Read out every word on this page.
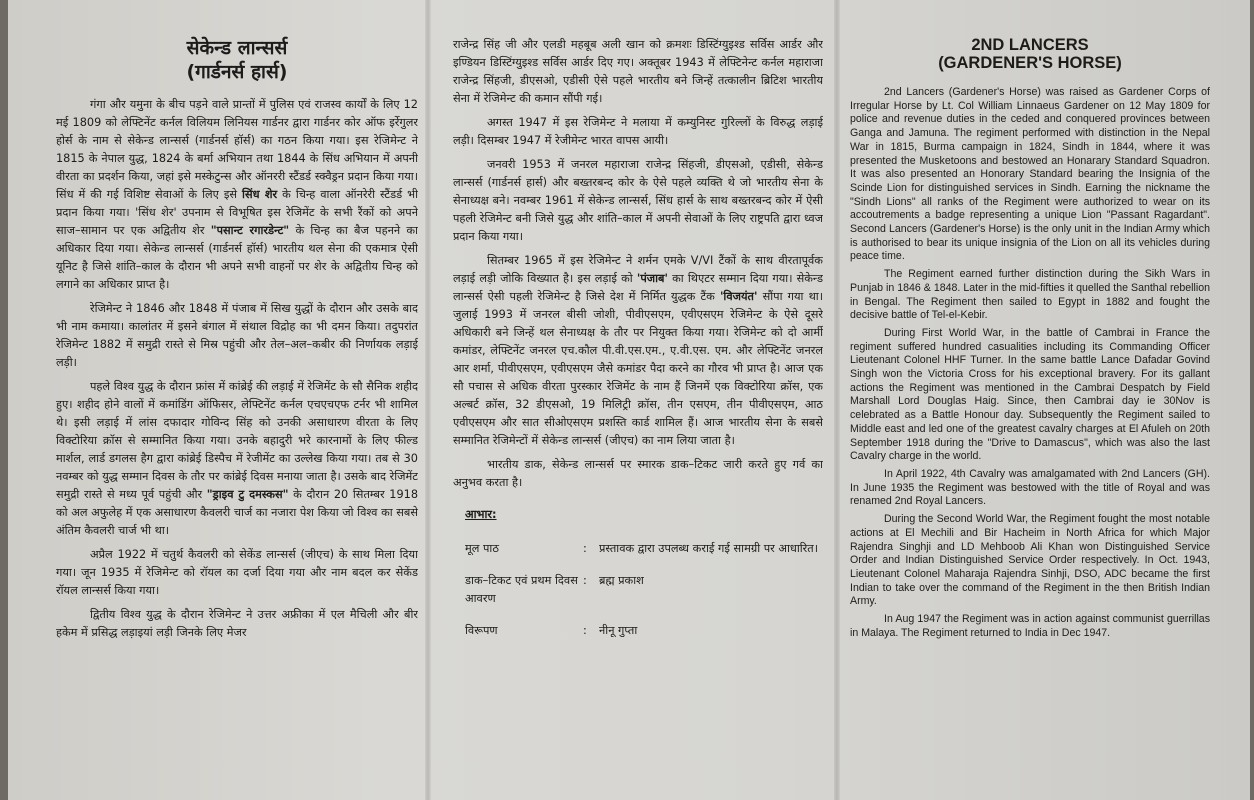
सेकेन्ड लान्सर्स
(गार्डनर्स हार्स)

गंगा और यमुना के बीच पड़ने वाले प्रान्तों में पुलिस एवं राजस्व कार्यों के लिए 12 मई 1809 को लेफ्टिनेंट कर्नल विलियम लिनियस गार्डनर द्वारा गार्डनर कोर ऑफ इर्रेगुलर होर्स के नाम से सेकेन्ड लान्सर्स (गार्डनर्स हॉर्स) का गठन किया गया। इस रेजिमेन्ट ने 1815 के नेपाल युद्ध, 1824 के बर्मा अभियान तथा 1844 के सिंध अभियान में अपनी वीरता का प्रदर्शन किया, जहां इसे मस्केटुन्स और ऑनररी स्टैंडर्ड स्क्वैड्रन प्रदान किया गया। सिंध में की गई विशिष्ट सेवाओं के लिए इसे सिंध शेर के चिन्ह वाला ऑनरेरी स्टैंडर्ड भी प्रदान किया गया। 'सिंध शेर' उपनाम से विभूषित इस रेजिमेंट के सभी रैंकों को अपने साज–सामान पर एक अद्वितीय शेर "पसान्ट रगारडेन्ट" के चिन्ह का बैज पहनने का अधिकार दिया गया। सेकेन्ड लान्सर्स (गार्डनर्स हॉर्स) भारतीय थल सेना की एकमात्र ऐसी यूनिट है जिसे शांति–काल के दौरान भी अपने सभी वाहनों पर शेर के अद्वितीय चिन्ह को लगाने का अधिकार प्राप्त है।

रेजिमेन्ट ने 1846 और 1848 में पंजाब में सिख युद्धों के दौरान और उसके बाद भी नाम कमाया। कालांतर में इसने बंगाल में संथाल विद्रोह का भी दमन किया। तदुपरांत रेजिमेन्ट 1882 में समुद्री रास्ते से मिस्र पहुंची और तेल–अल–कबीर की निर्णायक लड़ाई लड़ी।

पहले विश्व युद्ध के दौरान फ्रांस में कांब्रेई की लड़ाई में रेजिमेंट के सौ सैनिक शहीद हुए। शहीद होने वालों में कमांडिंग ऑफिसर, लेफ्टिनेंट कर्नल एचएचएफ टर्नर भी शामिल थे। इसी लड़ाई में लांस दफादार गोविन्द सिंह को उनकी असाधारण वीरता के लिए विक्टोरिया क्रॉस से सम्मानित किया गया। उनके बहादुरी भरे कारनामों के लिए फील्ड मार्शल, लार्ड डगलस हैग द्वारा कांब्रेई डिस्पैच में रेजीमेंट का उल्लेख किया गया। तब से 30 नवम्बर को युद्ध सम्मान दिवस के तौर पर कांब्रेई दिवस मनाया जाता है। उसके बाद रेजिमेंट समुद्री रास्ते से मध्य पूर्व पहुंची और "ड्राइव टु दमस्कस" के दौरान 20 सितम्बर 1918 को अल अफुलेह में एक असाधारण कैवलरी चार्ज का नजारा पेश किया जो विश्व का सबसे अंतिम कैवलरी चार्ज भी था।

अप्रैल 1922 में चतुर्थ कैवलरी को सेकेंड लान्सर्स (जीएच) के साथ मिला दिया गया। जून 1935 में रेजिमेन्ट को रॉयल का दर्जा दिया गया और नाम बदल कर सेकेंड रॉयल लान्सर्स किया गया।

द्वितीय विश्व युद्ध के दौरान रेजिमेन्ट ने उत्तर अफ्रीका में एल मैचिली और बीर हकेम में प्रसिद्ध लड़ाइयां लड़ी जिनके लिए मेजर

राजेन्द्र सिंह जी और एलडी महबूब अली खान को क्रमशः डिस्टिंग्युइश्ड सर्विस आर्डर और इण्डियन डिस्टिंग्युइश्ड सर्विस आर्डर दिए गए। अक्तूबर 1943 में लेफ्टिनेन्ट कर्नल महाराजा राजेन्द्र सिंहजी, डीएसओ, एडीसी ऐसे पहले भारतीय बने जिन्हें तत्कालीन ब्रिटिश भारतीय सेना में रेजिमेन्ट की कमान सौंपी गई।

अगस्त 1947 में इस रेजिमेन्ट ने मलाया में कम्युनिस्ट गुरिल्लों के विरुद्ध लड़ाई लड़ी। दिसम्बर 1947 में रेजीमेन्ट भारत वापस आयी।

जनवरी 1953 में जनरल महाराजा राजेन्द्र सिंहजी, डीएसओ, एडीसी, सेकेन्ड लान्सर्स (गार्डनर्स हार्स) और बख्तरबन्द कोर के ऐसे पहले व्यक्ति थे जो भारतीय सेना के सेनाध्यक्ष बने। नवम्बर 1961 में सेकेन्ड लान्सर्स, सिंध हार्स के साथ बख्तरबन्द कोर में ऐसी पहली रेजिमेन्ट बनी जिसे युद्ध और शांति–काल में अपनी सेवाओं के लिए राष्ट्रपति द्वारा ध्वज प्रदान किया गया।

सितम्बर 1965 में इस रेजिमेन्ट ने शर्मन एमके V/VI टैंकों के साथ वीरतापूर्वक लड़ाई लड़ी जोकि विख्यात है। इस लड़ाई को 'पंजाब' का थिएटर सम्मान दिया गया। सेकेन्ड लान्सर्स ऐसी पहली रेजिमेन्ट है जिसे देश में निर्मित युद्धक टैंक 'विजयंत' सौंपा गया था। जुलाई 1993 में जनरल बीसी जोशी, पीवीएसएम, एवीएसएम रेजिमेन्ट के ऐसे दूसरे अधिकारी बने जिन्हें थल सेनाध्यक्ष के तौर पर नियुक्त किया गया। रेजिमेन्ट को दो आर्मी कमांडर, लेफ्टिनेंट जनरल एच.कौल पी.वी.एस.एम., ए.वी.एस. एम. और लेफ्टिनेंट जनरल आर शर्मा, पीवीएसएम, एवीएसएम जैसे कमांडर पैदा करने का गौरव भी प्राप्त है। आज एक सौ पचास से अधिक वीरता पुरस्कार रेजिमेंट के नाम हैं जिनमें एक विक्टोरिया क्रॉस, एक अल्बर्ट क्रॉस, 32 डीएसओ, 19 मिलिट्री क्रॉस, तीन एसएम, तीन पीवीएसएम, आठ एवीएसएम और सात सीओएसएम प्रशस्ति कार्ड शामिल हैं। आज भारतीय सेना के सबसे सम्मानित रेजिमेन्टों में सेकेन्ड लान्सर्स (जीएच) का नाम लिया जाता है।

भारतीय डाक, सेकेन्ड लान्सर्स पर स्मारक डाक–टिकट जारी करते हुए गर्व का अनुभव करता है।

आभार:
मूल पाठ	:	प्रस्तावक द्वारा उपलब्ध कराई गई सामग्री पर आधारित।
डाक–टिकट एवं प्रथम दिवस आवरण
:	ब्रह्म प्रकाश
विरूपण	:	नीनू गुप्ता
2ND LANCERS
(GARDENER'S HORSE)

2nd Lancers (Gardener's Horse) was raised as Gardener Corps of Irregular Horse by Lt. Col William Linnaeus Gardener on 12 May 1809 for police and revenue duties in the ceded and conquered provinces between Ganga and Jamuna. The regiment performed with distinction in the Nepal War in 1815, Burma campaign in 1824, Sindh in 1844, where it was presented the Musketoons and bestowed an Honarary Standard Squadron. It was also presented an Honorary Standard bearing the Insignia of the Scinde Lion for distinguished services in Sindh. Earning the nickname the "Sindh Lions" all ranks of the Regiment were authorized to wear on its accoutrements a badge representing a unique Lion "Passant Ragardant". Second Lancers (Gardener's Horse) is the only unit in the Indian Army which is authorised to bear its unique insignia of the Lion on all its vehicles during peace time.

The Regiment earned further distinction during the Sikh Wars in Punjab in 1846 & 1848. Later in the mid-fifties it quelled the Santhal rebellion in Bengal. The Regiment then sailed to Egypt in 1882 and fought the decisive battle of Tel-el-Kebir.

During First World War, in the battle of Cambrai in France the regiment suffered hundred casualities including its Commanding Officer Lieutenant Colonel HHF Turner. In the same battle Lance Dafadar Govind Singh won the Victoria Cross for his exceptional bravery. For its gallant actions the Regiment was mentioned in the Cambrai Despatch by Field Marshall Lord Douglas Haig. Since, then Cambrai day ie 30Nov is celebrated as a Battle Honour day. Subsequently the Regiment sailed to Middle east and led one of the greatest cavalry charges at El Afuleh on 20th September 1918 during the "Drive to Damascus", which was also the last Cavalry charge in the world.

In April 1922, 4th Cavalry was amalgamated with 2nd Lancers (GH). In June 1935 the Regiment was bestowed with the title of Royal and was renamed 2nd Royal Lancers.

During the Second World War, the Regiment fought the most notable actions at El Mechili and Bir Hacheim in North Africa for which Major Rajendra Singhji and LD Mehboob Ali Khan won Distinguished Service Order and Indian Distinguished Service Order respectively. In Oct. 1943, Lieutenant Colonel Maharaja Rajendra Sinhji, DSO, ADC became the first Indian to take over the command of the Regiment in the then British Indian Army.

In Aug 1947 the Regiment was in action against communist guerrillas in Malaya. The Regiment returned to India in Dec 1947.
